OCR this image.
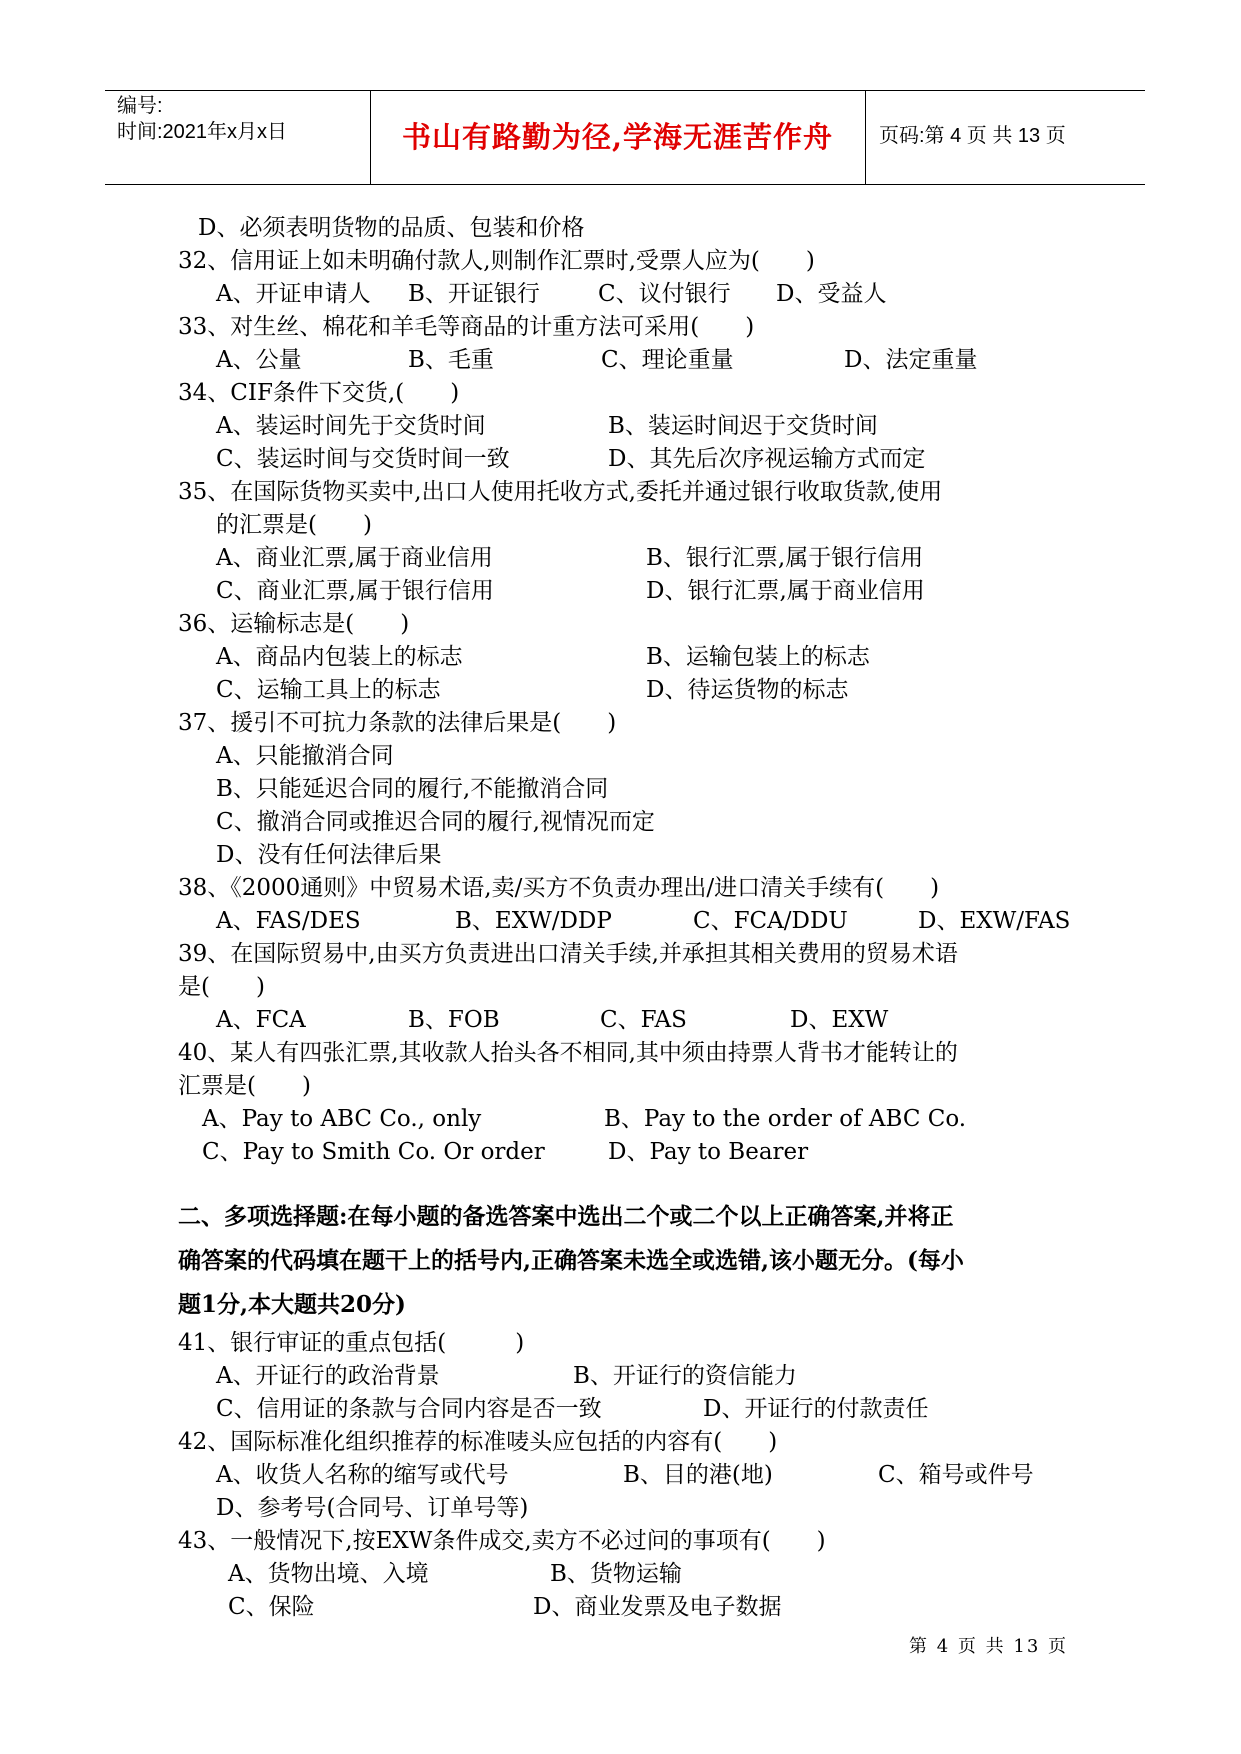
编号:
时间:2021年x月x日	书山有路勤为径,学海无涯苦作舟	页码:第 4 页 共 13 页
D、必须表明货物的品质、包装和价格
32、信用证上如未明确付款人,则制作汇票时,受票人应为(　　)
A、开证申请人 B、开证银行	C、议付银行 D、受益人
33、对生丝、棉花和羊毛等商品的计重方法可采用(　　)
A、公量	B、毛重	C、理论重量	D、法定重量
34、CIF条件下交货,(　　)
A、装运时间先于交货时间	B、装运时间迟于交货时间
C、装运时间与交货时间一致	D、其先后次序视运输方式而定
35、在国际货物买卖中,出口人使用托收方式,委托并通过银行收取货款,使用
的汇票是(　　)
A、商业汇票,属于商业信用	B、银行汇票,属于银行信用
C、商业汇票,属于银行信用	D、银行汇票,属于商业信用
36、运输标志是(　　)
A、商品内包装上的标志	B、运输包装上的标志
C、运输工具上的标志	D、待运货物的标志
37、援引不可抗力条款的法律后果是(　　)
A、只能撤消合同
B、只能延迟合同的履行,不能撤消合同
C、撤消合同或推迟合同的履行,视情况而定
D、没有任何法律后果
38、《2000通则》中贸易术语,卖/买方不负责办理出/进口清关手续有(　　)
A、FAS/DES	B、EXW/DDP	C、FCA/DDU	D、EXW/FAS
39、在国际贸易中,由买方负责进出口清关手续,并承担其相关费用的贸易术语
是(　　)
A、FCA	B、FOB	C、FAS	D、EXW
40、某人有四张汇票,其收款人抬头各不相同,其中须由持票人背书才能转让的
汇票是(　　)
A、Pay to ABC Co., only	B、Pay to the order of ABC Co.
C、Pay to Smith Co. Or order	D、Pay to Bearer
二、多项选择题:在每小题的备选答案中选出二个或二个以上正确答案,并将正
确答案的代码填在题干上的括号内,正确答案未选全或选错,该小题无分。(每小
题1分,本大题共20分)
41、银行审证的重点包括(　　　)
A、开证行的政治背景	B、开证行的资信能力
C、信用证的条款与合同内容是否一致	D、开证行的付款责任
42、国际标准化组织推荐的标准唛头应包括的内容有(　　)
A、收货人名称的缩写或代号	B、目的港(地)	C、箱号或件号
D、参考号(合同号、订单号等)
43、一般情况下,按EXW条件成交,卖方不必过问的事项有(　　)
A、货物出境、入境	B、货物运输
C、保险	D、商业发票及电子数据
第 4 页 共 13 页
